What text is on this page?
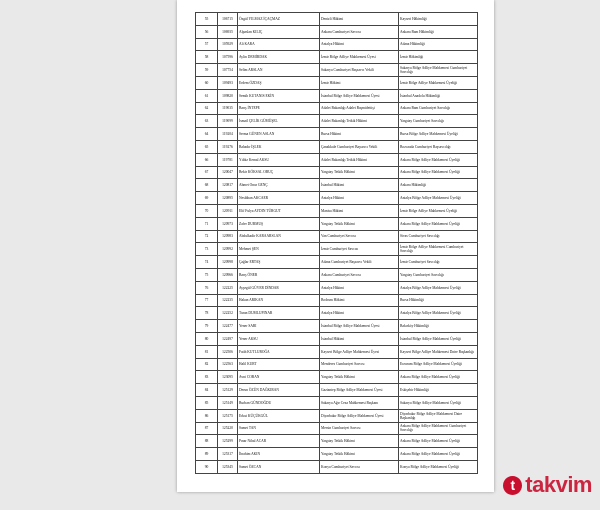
55	106715	Özgül YILMAZ İÇAÇMAZ	Denizli Hâkimi	Kayseri Hâkimliği
56	106935	Alpaslan KILIÇ	Ankara Cumhuriyet Savcısı	Ankara Bam Hâkimliği
57	105929	Ali KARA	Antalya Hâkimi	Adana Hâkimliği
58	107596	Aylin DEMİRDAK	İzmir Bölge Adliye Mahkemesi Üyesi	İzmir Hâkimliği
59	107754	Selim ARSLAN	Sakarya Cumhuriyet Başsavcı Vekili	Sakarya Bölge Adliye Mahkemesi Cumhuriyet Savcılığı
60	109493	Erdem ÖZDAŞ	İzmir Hâkimi	İzmir Bölge Adliye Mahkemesi Üyeliği
61	109820	Semih KUTANIS EKİN	İstanbul Bölge Adliye Mahkemesi Üyesi	İstanbul Anadolu Hâkimliği
62	119035	Barış İNTEPE	Adalet Bakanlığı Adalet Başmüfettişi	Ankara Bam Cumhuriyet Savcılığı
63	119099	İsmail ÇELİK GÜMÜŞEL	Adalet Bakanlığı Tetkik Hâkimi	Yargıtay Cumhuriyet Savcılığı
64	119204	Serma GÜNEN ASLAN	Bursa Hâkimi	Bursa Bölge Adliye Mahkemesi Üyeliği
65	119276	Bahadır İŞLEK	Çanakkale Cumhuriyet Başsavcı Vekili	Bozcaada Cumhuriyet Başsavcılığı
66	119781	Yıldız Kemal AKSU	Adalet Bakanlığı Tetkik Hâkimi	Ankara Bölge Adliye Mahkemesi Üyeliği
67	120047	Bekir KÖKSAL ORUÇ	Yargıtay Tetkik Hâkimi	Ankara Bölge Adliye Mahkemesi Üyeliği
68	120817	Ahmet Onur GENÇ	İstanbul Hâkimi	Ankara Hâkimliği
69	120895	Nesibhan AKCAER	Antalya Hâkimi	Antalya Bölge Adliye Mahkemesi Üyeliği
70	120911	Elif Fulya AYDIN TÜRGUT	Manisa Hâkimi	İzmir Bölge Adliye Mahkemesi Üyeliği
71	120973	Zafer DURMUŞ	Yargıtay Tetkik Hâkimi	Ankara Bölge Adliye Mahkemesi Üyeliği
72	120983	Abdulkadir KARAARSLAN	Van Cumhuriyet Savcısı	Sivas Cumhuriyet Savcılığı
73	120992	Mehmet ŞEN	İzmir Cumhuriyet Savcısı	İzmir Bölge Adliye Mahkemesi Cumhuriyet Savcılığı
74	120998	Çağlar ERTAŞ	Adana Cumhuriyet Başsavcı Vekili	İzmir Cumhuriyet Savcılığı
75	120966	Barış ÖNER	Ankara Cumhuriyet Savcısı	Yargıtay Cumhuriyet Savcılığı
76	122225	Ayşegül GÜVER DİNDAR	Antalya Hâkimi	Antalya Bölge Adliye Mahkemesi Üyeliği
77	122235	Hakan ARIKAN	Bodrum Hâkimi	Bursa Hâkimliği
78	122252	Turan DUMLUPINAR	Antalya Hâkimi	Antalya Bölge Adliye Mahkemesi Üyeliği
79	122477	Yener SARI	İstanbul Bölge Adliye Mahkemesi Üyesi	Bakırköy Hâkimliği
80	122497	Yener AKSU	İstanbul Hâkimi	İstanbul Bölge Adliye Mahkemesi Üyeliği
81	122506	Fatih KUTLUBOĞA	Kayseri Bölge Adliye Mahkemesi Üyesi	Kayseri Bölge Adliye Mahkemesi Daire Başkanlığı
82	122563	Halil KURT	Menderes Cumhuriyet Savcısı	Erzurum Bölge Adliye Mahkemesi Üyeliği
83	123095	Avni COBAN	Yargıtay Tetkik Hâkimi	Ankara Bölge Adliye Mahkemesi Üyeliği
84	125129	Derun ÖZÜN DAĞKIRAN	Gaziantep Bölge Adliye Mahkemesi Üyesi	Eskişehir Hâkimliği
85	125149	Burhan GÜNDOĞDU	Sakarya Ağır Ceza Mahkemesi Başkanı	Sakarya Bölge Adliye Mahkemesi Üyeliği
86	125175	Erkut KÜÇÜKGÜL	Diyarbakır Bölge Adliye Mahkemesi Üyesi	Diyarbakır Bölge Adliye Mahkemesi Daire Başkanlığı
87	125220	Samet TAN	Mersin Cumhuriyet Savcısı	Ankara Bölge Adliye Mahkemesi Cumhuriyet Savcılığı
88	125299	Pınar Nihal ACAR	Yargıtay Tetkik Hâkimi	Ankara Bölge Adliye Mahkemesi Üyeliği
89	125317	İbrahim AKIN	Yargıtay Tetkik Hâkimi	Ankara Bölge Adliye Mahkemesi Üyeliği
90	125345	Samet ÖZCAN	Konya Cumhuriyet Savcısı	Konya Bölge Adliye Mahkemesi Üyeliği
t takvim
